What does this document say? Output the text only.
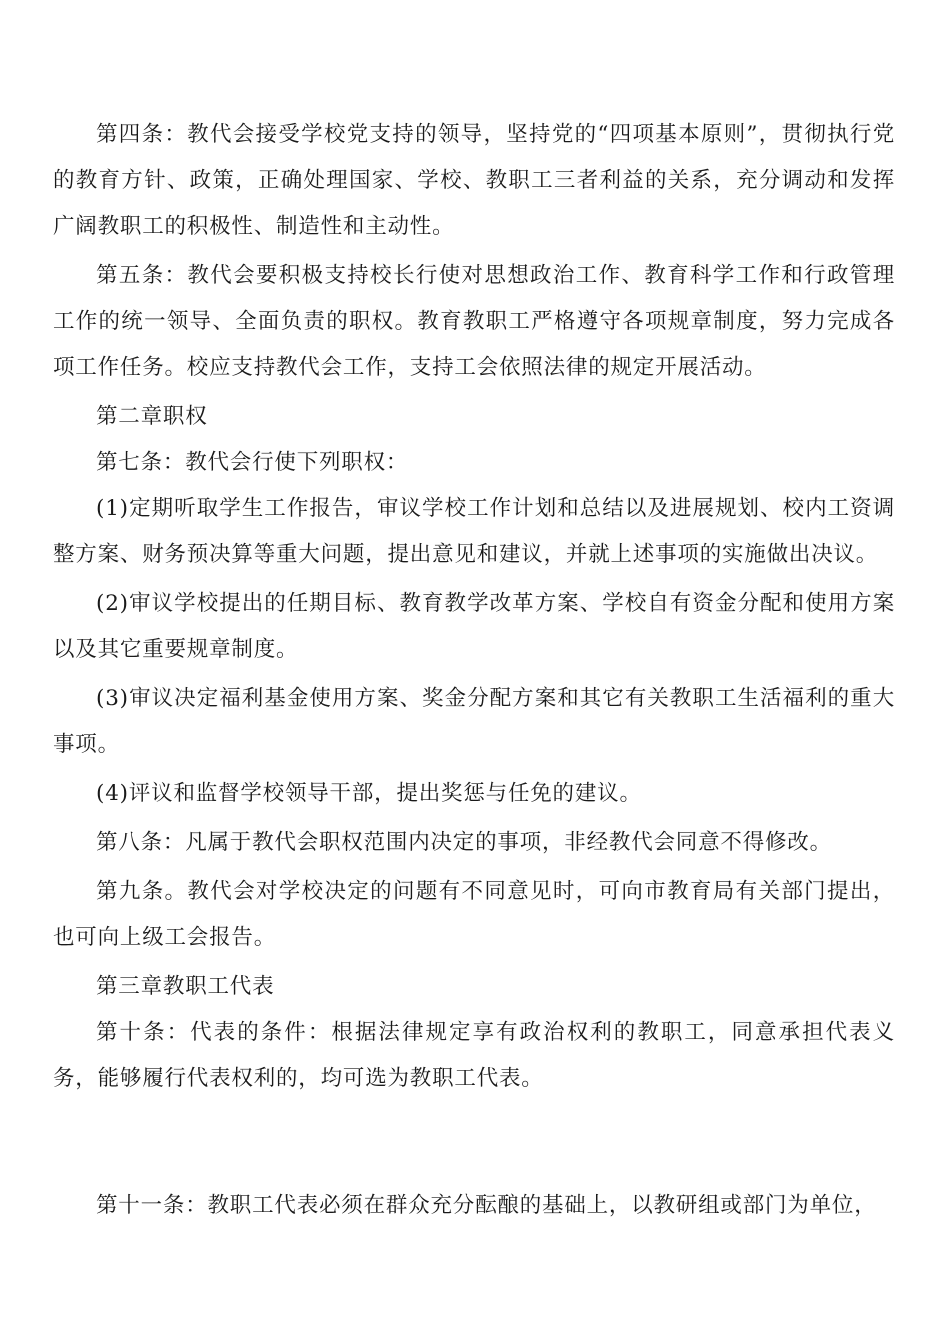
第四条：教代会接受学校党支持的领导，坚持党的“四项基本原则”，贯彻执行党的教育方针、政策，正确处理国家、学校、教职工三者利益的关系，充分调动和发挥广阔教职工的积极性、制造性和主动性。

第五条：教代会要积极支持校长行使对思想政治工作、教育科学工作和行政管理工作的统一领导、全面负责的职权。教育教职工严格遵守各项规章制度，努力完成各项工作任务。校应支持教代会工作，支持工会依照法律的规定开展活动。

第二章职权

第七条：教代会行使下列职权：

(1)定期听取学生工作报告，审议学校工作计划和总结以及进展规划、校内工资调整方案、财务预决算等重大问题，提出意见和建议，并就上述事项的实施做出决议。

(2)审议学校提出的任期目标、教育教学改革方案、学校自有资金分配和使用方案以及其它重要规章制度。

(3)审议决定福利基金使用方案、奖金分配方案和其它有关教职工生活福利的重大事项。

(4)评议和监督学校领导干部，提出奖惩与任免的建议。

第八条：凡属于教代会职权范围内决定的事项，非经教代会同意不得修改。

第九条。教代会对学校决定的问题有不同意见时，可向市教育局有关部门提出，也可向上级工会报告。

第三章教职工代表

第十条：代表的条件：根据法律规定享有政治权利的教职工，同意承担代表义务，能够履行代表权利的，均可选为教职工代表。

第十一条：教职工代表必须在群众充分酝酿的基础上，以教研组或部门为单位，
